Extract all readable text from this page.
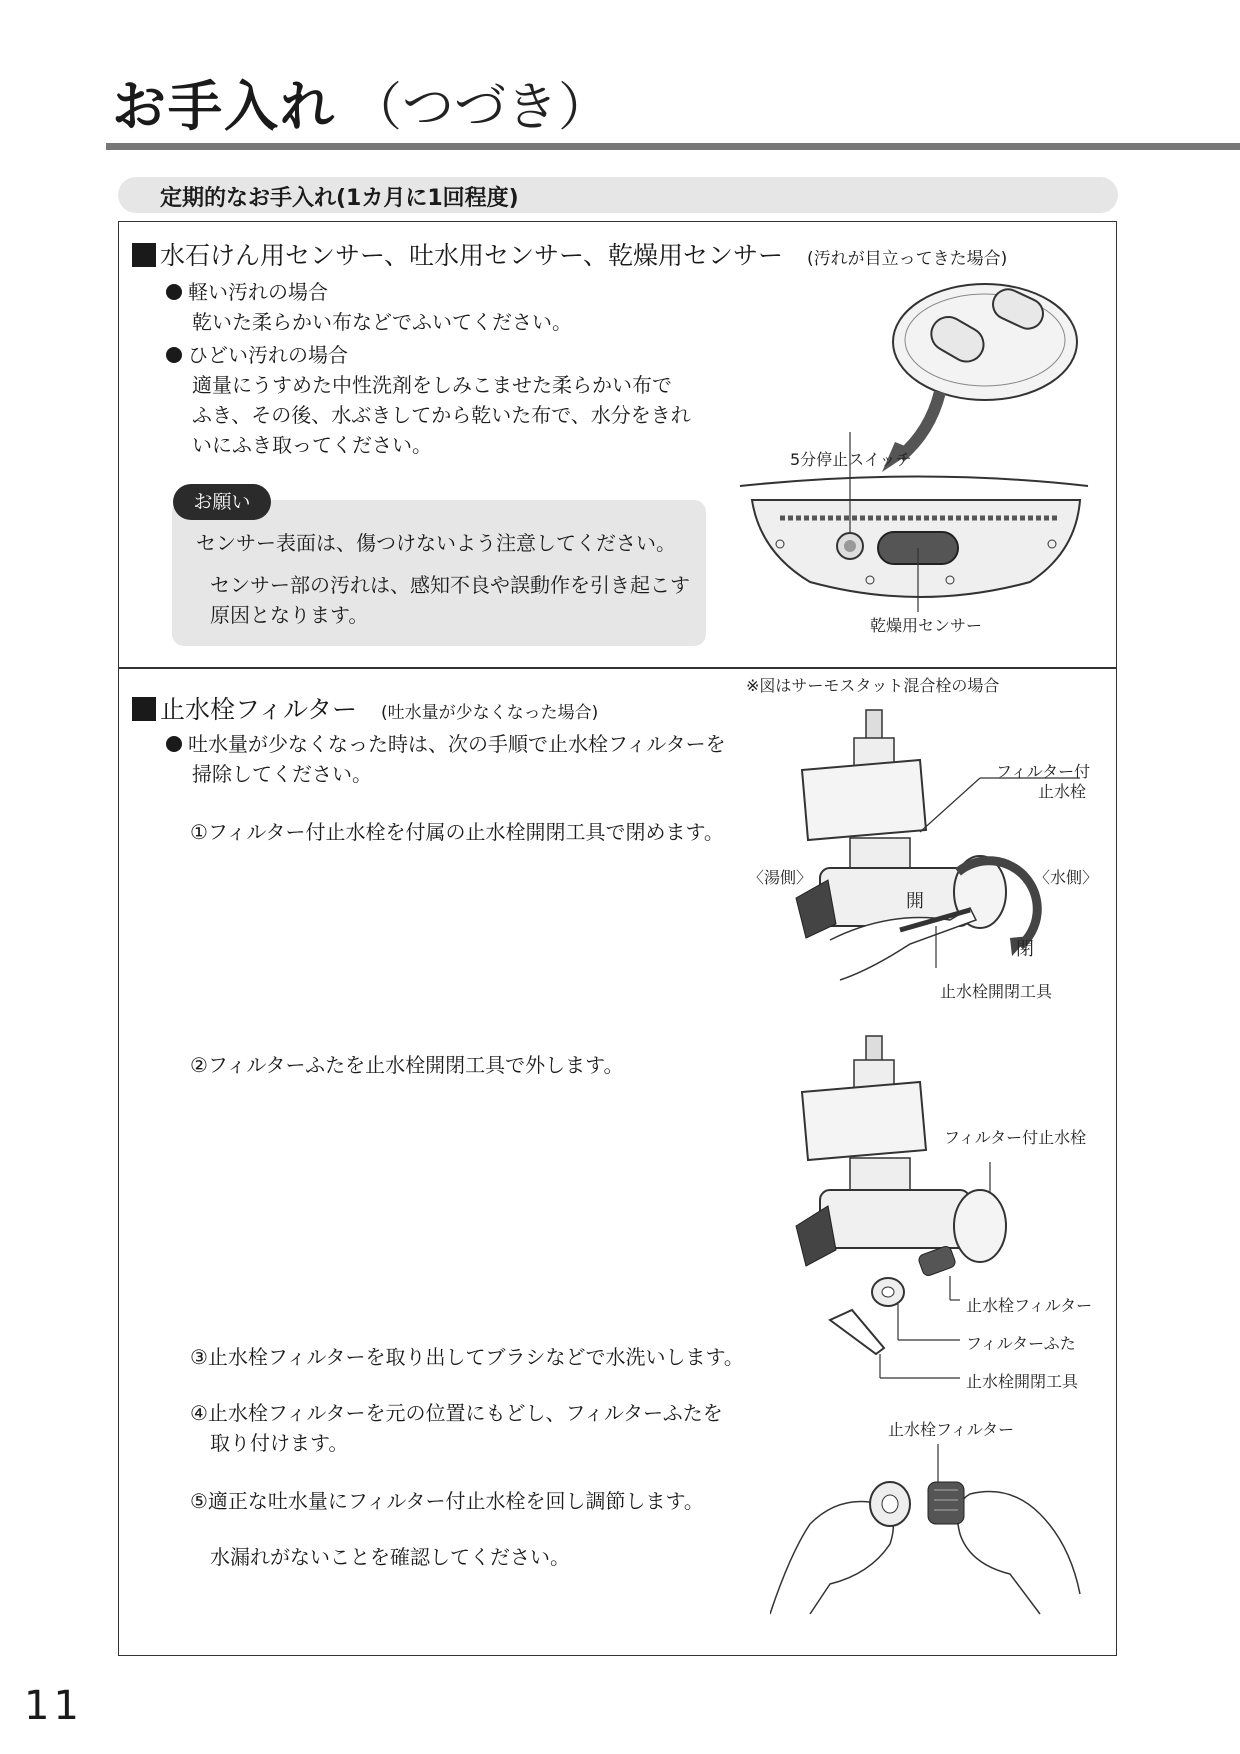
お手入れ （つづき）
定期的なお手入れ(1カ月に1回程度)
水石けん用センサー、吐水用センサー、乾燥用センサー (汚れが目立ってきた場合)
軽い汚れの場合
乾いた柔らかい布などでふいてください。
ひどい汚れの場合
適量にうすめた中性洗剤をしみこませた柔らかい布で
ふき、その後、水ぶきしてから乾いた布で、水分をきれ
いにふき取ってください。
お願い
センサー表面は、傷つけないよう注意してください。
センサー部の汚れは、感知不良や誤動作を引き起こす
原因となります。
5分停止スイッチ
乾燥用センサー
※図はサーモスタット混合栓の場合
止水栓フィルター (吐水量が少なくなった場合)
吐水量が少なくなった時は、次の手順で止水栓フィルターを
掃除してください。
①フィルター付止水栓を付属の止水栓開閉工具で閉めます。
②フィルターふたを止水栓開閉工具で外します。
③止水栓フィルターを取り出してブラシなどで水洗いします。
④止水栓フィルターを元の位置にもどし、フィルターふたを
取り付けます。
⑤適正な吐水量にフィルター付止水栓を回し調節します。
水漏れがないことを確認してください。
フィルター付
止水栓
〈湯側〉	〈水側〉
開
閉
止水栓開閉工具
フィルター付止水栓
止水栓フィルター
フィルターふた
止水栓開閉工具
止水栓フィルター
11
